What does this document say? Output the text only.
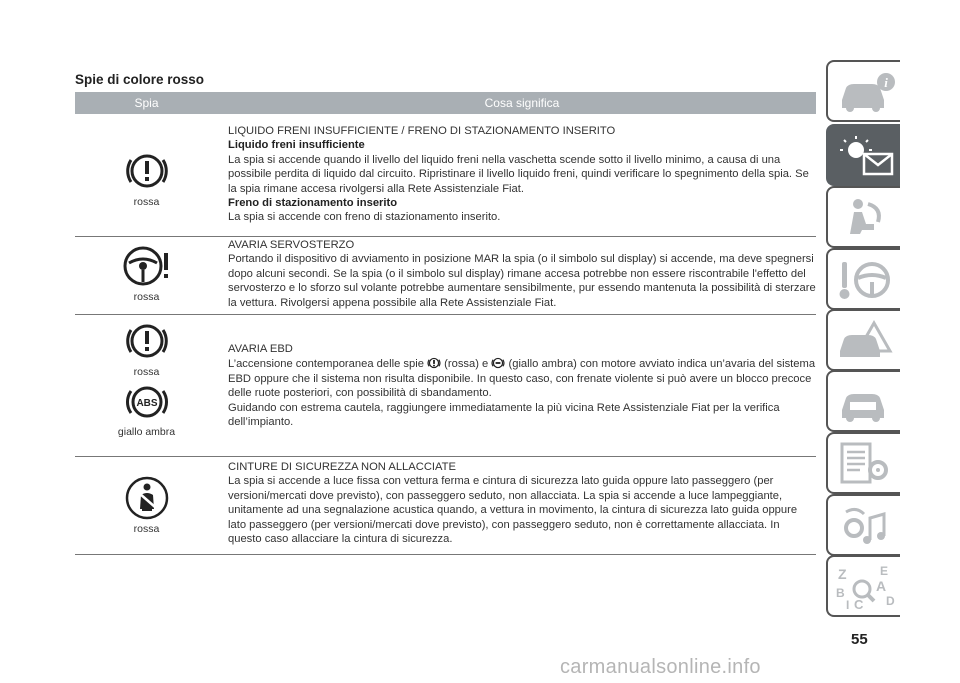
Spie di colore rosso
Spia	Cosa significa
rossa

LIQUIDO FRENI INSUFFICIENTE / FRENO DI STAZIONAMENTO INSERITO

Liquido freni insufficiente

La spia si accende quando il livello del liquido freni nella vaschetta scende sotto il livello minimo, a causa di una possibile perdita di liquido dal circuito. Ripristinare il livello liquido freni, quindi verificare lo spegnimento della spia. Se la spia rimane accesa rivolgersi alla Rete Assistenziale Fiat.

Freno di stazionamento inserito

La spia si accende con freno di stazionamento inserito.

rossa

AVARIA SERVOSTERZO

Portando il dispositivo di avviamento in posizione MAR la spia (o il simbolo sul display) si accende, ma deve spegnersi dopo alcuni secondi. Se la spia (o il simbolo sul display) rimane accesa potrebbe non essere riscontrabile l'effetto del servosterzo e lo sforzo sul volante potrebbe aumentare sensibilmente, pur essendo mantenuta la possibilità di sterzare la vettura. Rivolgersi appena possibile alla Rete Assistenziale Fiat.

rossa
ABS
giallo ambra

AVARIA EBD

L’accensione contemporanea delle spie (rossa) e (giallo ambra) con motore avviato indica un’avaria del sistema EBD oppure che il sistema non risulta disponibile. In questo caso, con frenate violente si può avere un blocco precoce delle ruote posteriori, con possibilità di sbandamento.

Guidando con estrema cautela, raggiungere immediatamente la più vicina Rete Assistenziale Fiat per la verifica dell’impianto.

rossa

CINTURE DI SICUREZZA NON ALLACCIATE

La spia si accende a luce fissa con vettura ferma e cintura di sicurezza lato guida oppure lato passeggero (per versioni/mercati dove previsto), con passeggero seduto, non allacciata. La spia si accende a luce lampeggiante, unitamente ad una segnalazione acustica quando, a vettura in movimento, la cintura di sicurezza lato guida oppure lato passeggero (per versioni/mercati dove previsto), con passeggero seduto, non è correttamente allacciata. In questo caso allacciare la cintura di sicurezza.

i
Z	E
A
B
C D
I
55
carmanualsonline.info
